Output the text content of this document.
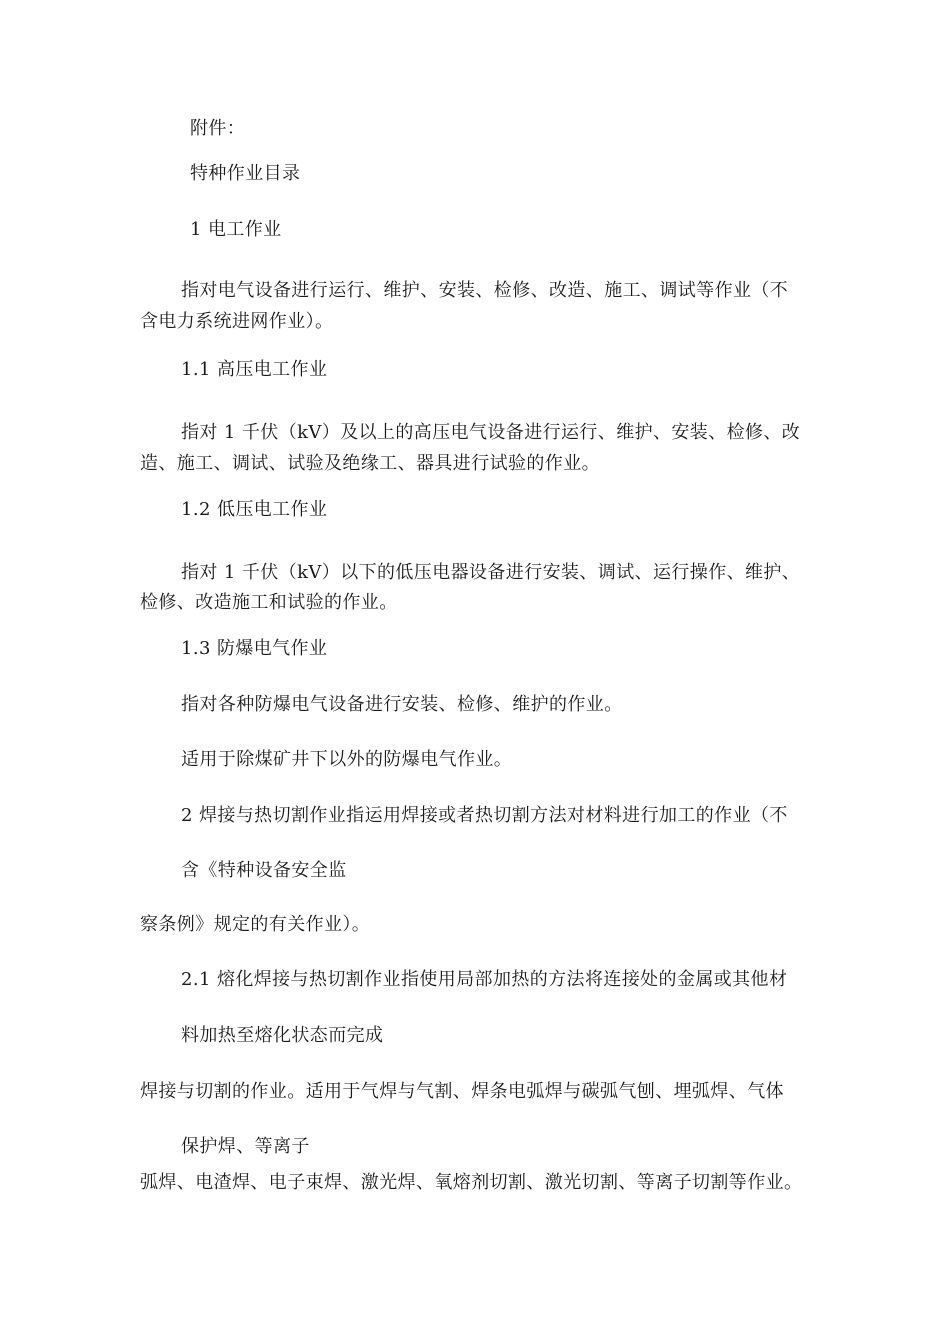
附件：
特种作业目录
1 电工作业
指对电气设备进行运行、维护、安装、检修、改造、施工、调试等作业（不
含电力系统进网作业）。
1.1 高压电工作业
指对 1 千伏（kV）及以上的高压电气设备进行运行、维护、安装、检修、改
造、施工、调试、试验及绝缘工、器具进行试验的作业。
1.2 低压电工作业
指对 1 千伏（kV）以下的低压电器设备进行安装、调试、运行操作、维护、
检修、改造施工和试验的作业。
1.3 防爆电气作业
指对各种防爆电气设备进行安装、检修、维护的作业。
适用于除煤矿井下以外的防爆电气作业。
2 焊接与热切割作业指运用焊接或者热切割方法对材料进行加工的作业（不
含《特种设备安全监
察条例》规定的有关作业）。
2.1 熔化焊接与热切割作业指使用局部加热的方法将连接处的金属或其他材
料加热至熔化状态而完成
焊接与切割的作业。适用于气焊与气割、焊条电弧焊与碳弧气刨、埋弧焊、气体
保护焊、等离子
弧焊、电渣焊、电子束焊、激光焊、氧熔剂切割、激光切割、等离子切割等作业。
